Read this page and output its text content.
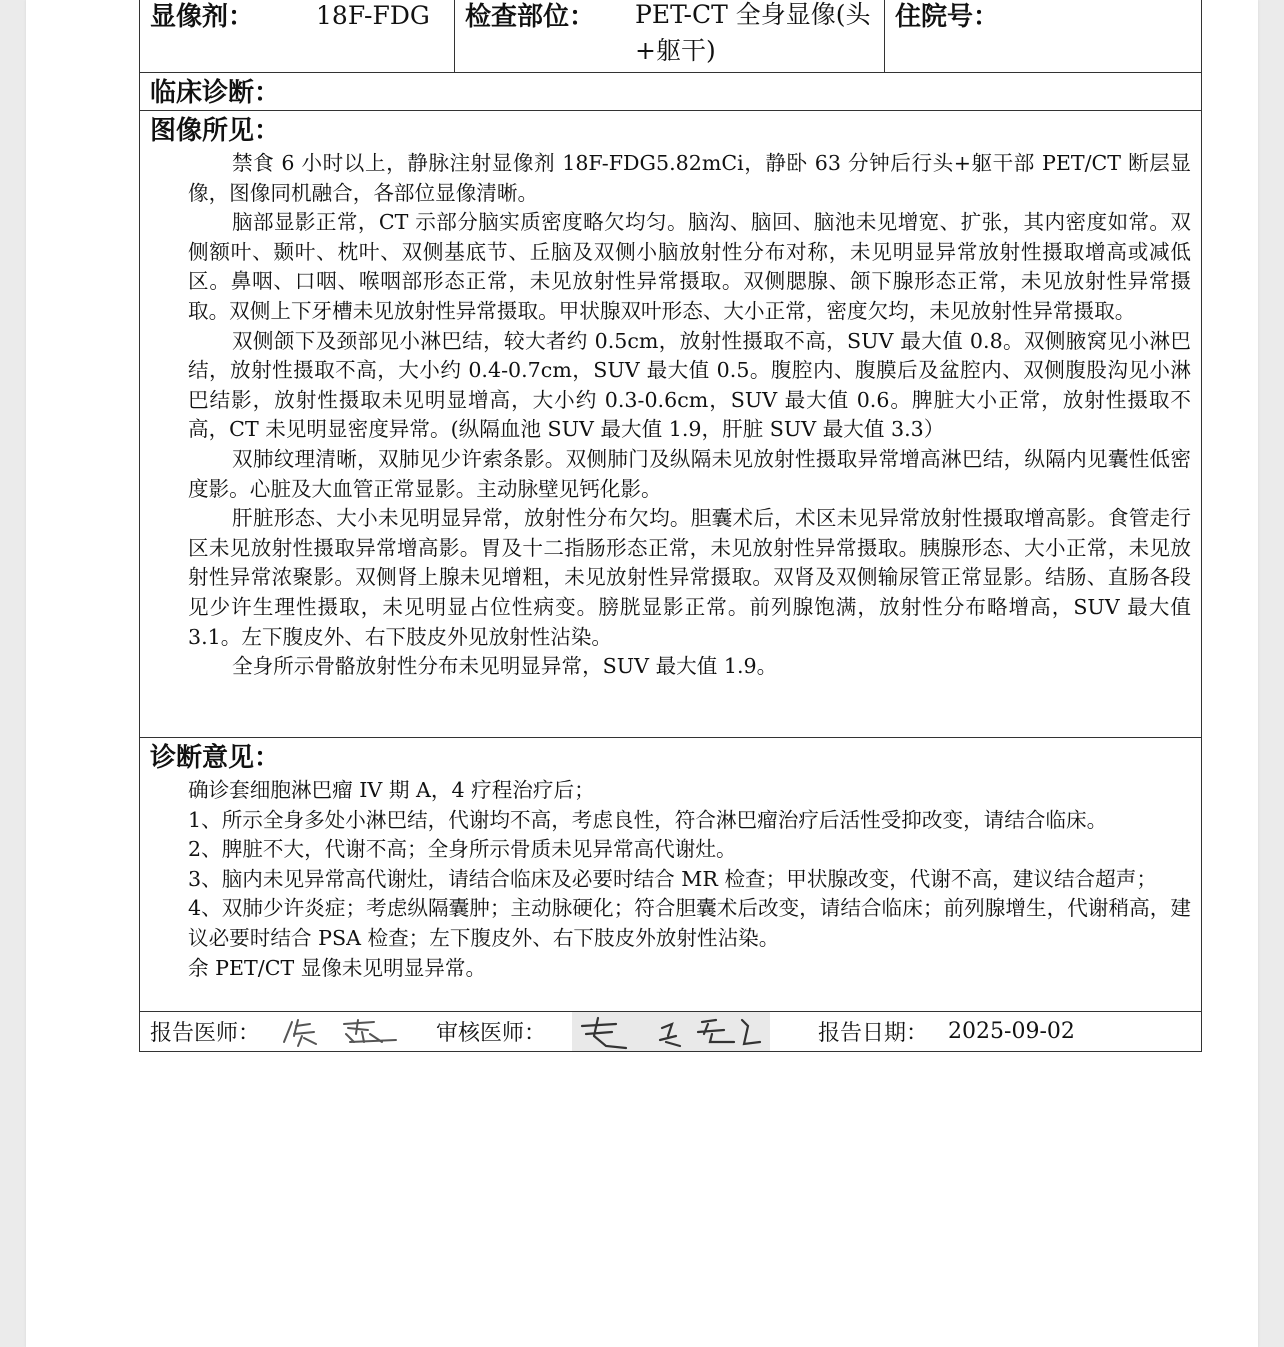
显像剂： 18F-FDG 检查部位： PET-CT 全身显像(头+躯干)
住院号：
临床诊断：
图像所见：
禁食 6 小时以上，静脉注射显像剂 18F-FDG5.82mCi，静卧 63 分钟后行头+躯干部 PET/CT 断层显像，图像同机融合，各部位显像清晰。
脑部显影正常，CT 示部分脑实质密度略欠均匀。脑沟、脑回、脑池未见增宽、扩张，其内密度如常。双侧额叶、颞叶、枕叶、双侧基底节、丘脑及双侧小脑放射性分布对称，未见明显异常放射性摄取增高或减低区。鼻咽、口咽、喉咽部形态正常，未见放射性异常摄取。双侧腮腺、颌下腺形态正常，未见放射性异常摄取。双侧上下牙槽未见放射性异常摄取。甲状腺双叶形态、大小正常，密度欠均，未见放射性异常摄取。
双侧颌下及颈部见小淋巴结，较大者约 0.5cm，放射性摄取不高，SUV 最大值 0.8。双侧腋窝见小淋巴结，放射性摄取不高，大小约 0.4-0.7cm，SUV 最大值 0.5。腹腔内、腹膜后及盆腔内、双侧腹股沟见小淋巴结影，放射性摄取未见明显增高，大小约 0.3-0.6cm，SUV 最大值 0.6。脾脏大小正常，放射性摄取不高，CT 未见明显密度异常。(纵隔血池 SUV 最大值 1.9，肝脏 SUV 最大值 3.3）
双肺纹理清晰，双肺见少许索条影。双侧肺门及纵隔未见放射性摄取异常增高淋巴结，纵隔内见囊性低密度影。心脏及大血管正常显影。主动脉壁见钙化影。
肝脏形态、大小未见明显异常，放射性分布欠均。胆囊术后，术区未见异常放射性摄取增高影。食管走行区未见放射性摄取异常增高影。胃及十二指肠形态正常，未见放射性异常摄取。胰腺形态、大小正常，未见放射性异常浓聚影。双侧肾上腺未见增粗，未见放射性异常摄取。双肾及双侧输尿管正常显影。结肠、直肠各段见少许生理性摄取，未见明显占位性病变。膀胱显影正常。前列腺饱满，放射性分布略增高，SUV 最大值 3.1。左下腹皮外、右下肢皮外见放射性沾染。
全身所示骨骼放射性分布未见明显异常，SUV 最大值 1.9。
诊断意见：
确诊套细胞淋巴瘤 IV 期 A，4 疗程治疗后；
1、所示全身多处小淋巴结，代谢均不高，考虑良性，符合淋巴瘤治疗后活性受抑改变，请结合临床。
2、脾脏不大，代谢不高；全身所示骨质未见异常高代谢灶。
3、脑内未见异常高代谢灶，请结合临床及必要时结合 MR 检查；甲状腺改变，代谢不高，建议结合超声；
4、双肺少许炎症；考虑纵隔囊肿；主动脉硬化；符合胆囊术后改变，请结合临床；前列腺增生，代谢稍高，建议必要时结合 PSA 检查；左下腹皮外、右下肢皮外放射性沾染。
余 PET/CT 显像未见明显异常。
报告医师：	审核医师：	报告日期： 2025-09-02
